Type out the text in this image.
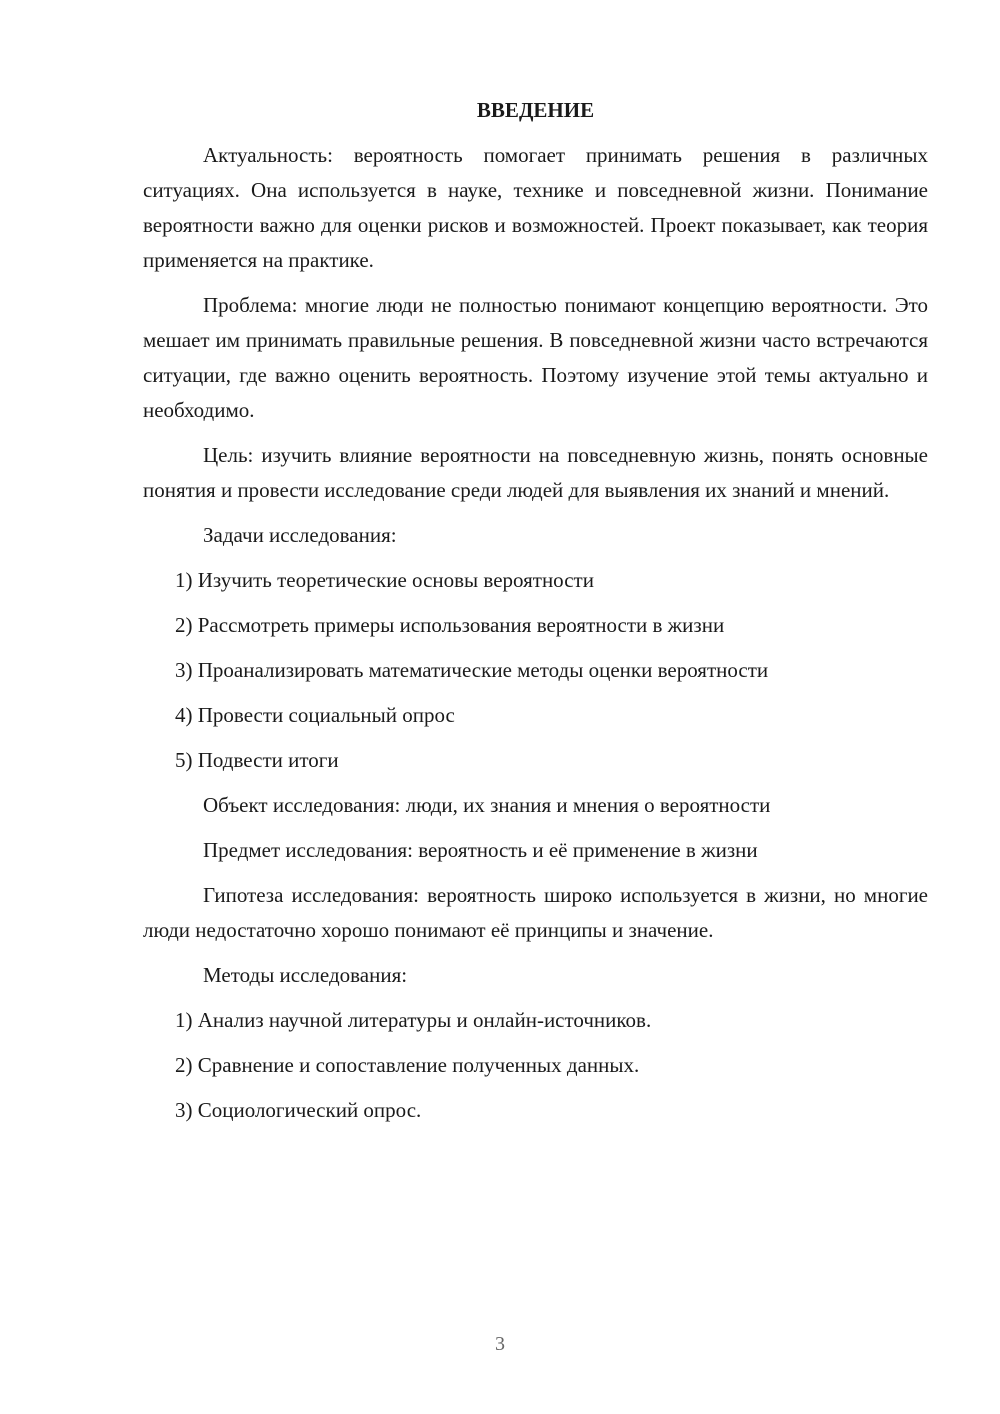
ВВЕДЕНИЕ

Актуальность: вероятность помогает принимать решения в различных ситуациях. Она используется в науке, технике и повседневной жизни. Понимание вероятности важно для оценки рисков и возможностей. Проект показывает, как теория применяется на практике.

Проблема: многие люди не полностью понимают концепцию вероятности. Это мешает им принимать правильные решения. В повседневной жизни часто встречаются ситуации, где важно оценить вероятность. Поэтому изучение этой темы актуально и необходимо.

Цель: изучить влияние вероятности на повседневную жизнь, понять основные понятия и провести исследование среди людей для выявления их знаний и мнений.

Задачи исследования:

1) Изучить теоретические основы вероятности

2) Рассмотреть примеры использования вероятности в жизни

3) Проанализировать математические методы оценки вероятности

4) Провести социальный опрос

5) Подвести итоги

Объект исследования: люди, их знания и мнения о вероятности

Предмет исследования: вероятность и её применение в жизни

Гипотеза исследования: вероятность широко используется в жизни, но многие люди недостаточно хорошо понимают её принципы и значение.

Методы исследования:

1) Анализ научной литературы и онлайн-источников.

2) Сравнение и сопоставление полученных данных.

3) Социологический опрос.

3
